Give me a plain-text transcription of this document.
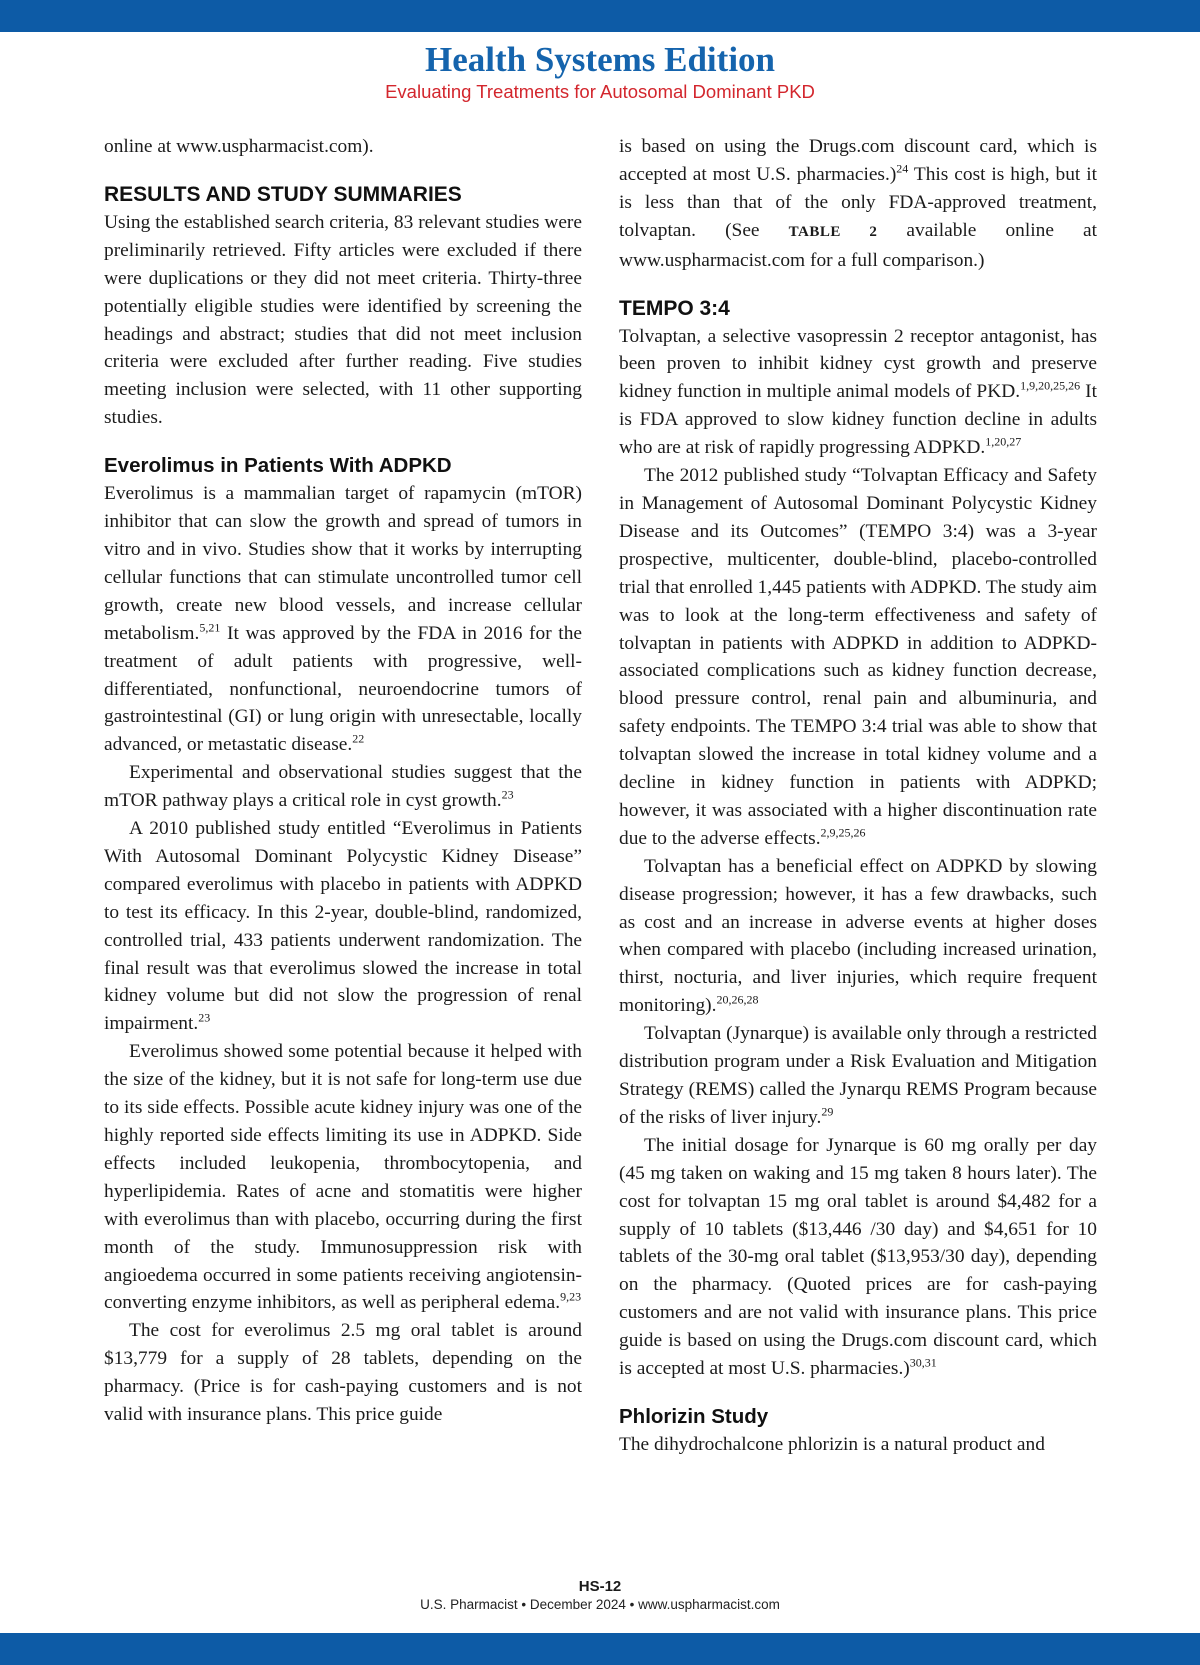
Health Systems Edition
Evaluating Treatments for Autosomal Dominant PKD

online at www.uspharmacist.com).

RESULTS AND STUDY SUMMARIES

Using the established search criteria, 83 relevant studies were preliminarily retrieved. Fifty articles were excluded if there were duplications or they did not meet criteria. Thirty-three potentially eligible studies were identified by screening the headings and abstract; studies that did not meet inclusion criteria were excluded after further reading. Five studies meeting inclusion were selected, with 11 other supporting studies.

Everolimus in Patients With ADPKD

Everolimus is a mammalian target of rapamycin (mTOR) inhibitor that can slow the growth and spread of tumors in vitro and in vivo. Studies show that it works by interrupting cellular functions that can stimulate uncontrolled tumor cell growth, create new blood vessels, and increase cellular metabolism.$^{5,21}$ It was approved by the FDA in 2016 for the treatment of adult patients with progressive, well-differentiated, nonfunctional, neuroendocrine tumors of gastrointestinal (GI) or lung origin with unresectable, locally advanced, or metastatic disease.$^{22}$

Experimental and observational studies suggest that the mTOR pathway plays a critical role in cyst growth.$^{23}$

A 2010 published study entitled “Everolimus in Patients With Autosomal Dominant Polycystic Kidney Disease” compared everolimus with placebo in patients with ADPKD to test its efficacy. In this 2-year, double-blind, randomized, controlled trial, 433 patients underwent randomization. The final result was that everolimus slowed the increase in total kidney volume but did not slow the progression of renal impairment.$^{23}$

Everolimus showed some potential because it helped with the size of the kidney, but it is not safe for long-term use due to its side effects. Possible acute kidney injury was one of the highly reported side effects limiting its use in ADPKD. Side effects included leukopenia, thrombocytopenia, and hyperlipidemia. Rates of acne and stomatitis were higher with everolimus than with placebo, occurring during the first month of the study. Immunosuppression risk with angioedema occurred in some patients receiving angiotensin-converting enzyme inhibitors, as well as peripheral edema.$^{9,23}$

The cost for everolimus 2.5 mg oral tablet is around $13,779 for a supply of 28 tablets, depending on the pharmacy. (Price is for cash-paying customers and is not valid with insurance plans. This price guide

is based on using the Drugs.com discount card, which is accepted at most U.S. pharmacies.)$^{24}$ This cost is high, but it is less than that of the only FDA-approved treatment, tolvaptan. (See TABLE 2 available online at www.uspharmacist.com for a full comparison.)

TEMPO 3:4

Tolvaptan, a selective vasopressin 2 receptor antagonist, has been proven to inhibit kidney cyst growth and preserve kidney function in multiple animal models of PKD.$^{1,9,20,25,26}$ It is FDA approved to slow kidney function decline in adults who are at risk of rapidly progressing ADPKD.$^{1,20,27}$

The 2012 published study “Tolvaptan Efficacy and Safety in Management of Autosomal Dominant Polycystic Kidney Disease and its Outcomes” (TEMPO 3:4) was a 3-year prospective, multicenter, double-blind, placebo-controlled trial that enrolled 1,445 patients with ADPKD. The study aim was to look at the long-term effectiveness and safety of tolvaptan in patients with ADPKD in addition to ADPKD-associated complications such as kidney function decrease, blood pressure control, renal pain and albuminuria, and safety endpoints. The TEMPO 3:4 trial was able to show that tolvaptan slowed the increase in total kidney volume and a decline in kidney function in patients with ADPKD; however, it was associated with a higher discontinuation rate due to the adverse effects.$^{2,9,25,26}$

Tolvaptan has a beneficial effect on ADPKD by slowing disease progression; however, it has a few drawbacks, such as cost and an increase in adverse events at higher doses when compared with placebo (including increased urination, thirst, nocturia, and liver injuries, which require frequent monitoring).$^{20,26,28}$

Tolvaptan (Jynarque) is available only through a restricted distribution program under a Risk Evaluation and Mitigation Strategy (REMS) called the Jynarqu REMS Program because of the risks of liver injury.$^{29}$

The initial dosage for Jynarque is 60 mg orally per day (45 mg taken on waking and 15 mg taken 8 hours later). The cost for tolvaptan 15 mg oral tablet is around $4,482 for a supply of 10 tablets ($13,446 /30 day) and $4,651 for 10 tablets of the 30-mg oral tablet ($13,953/30 day), depending on the pharmacy. (Quoted prices are for cash-paying customers and are not valid with insurance plans. This price guide is based on using the Drugs.com discount card, which is accepted at most U.S. pharmacies.)$^{30,31}$

Phlorizin Study

The dihydrochalcone phlorizin is a natural product and

HS-12
U.S. Pharmacist • December 2024 • www.uspharmacist.com
